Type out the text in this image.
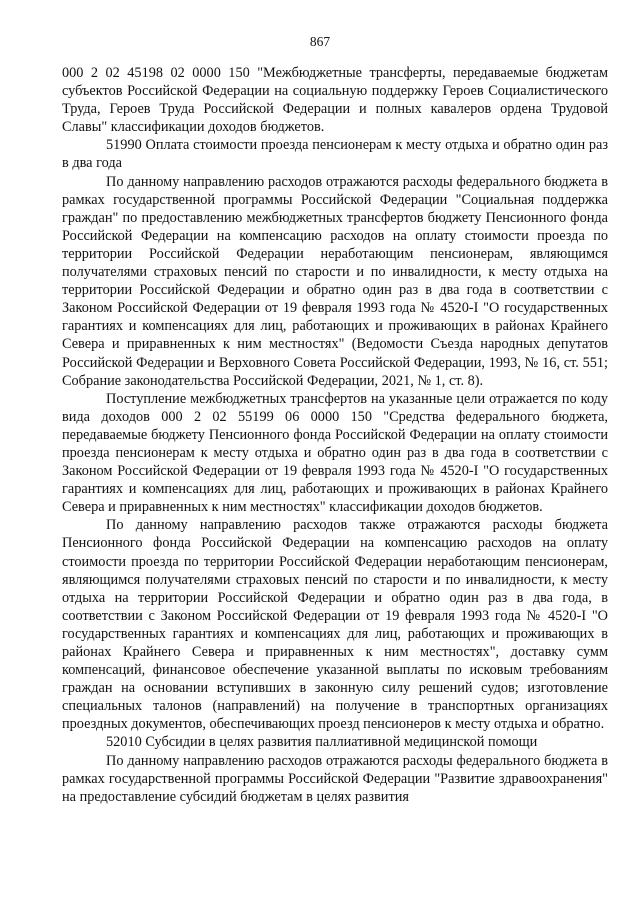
867

000 2 02 45198 02 0000 150 "Межбюджетные трансферты, передаваемые бюджетам субъектов Российской Федерации на социальную поддержку Героев Социалистического Труда, Героев Труда Российской Федерации и полных кавалеров ордена Трудовой Славы" классификации доходов бюджетов.

51990 Оплата стоимости проезда пенсионерам к месту отдыха и обратно один раз в два года

По данному направлению расходов отражаются расходы федерального бюджета в рамках государственной программы Российской Федерации "Социальная поддержка граждан" по предоставлению межбюджетных трансфертов бюджету Пенсионного фонда Российской Федерации на компенсацию расходов на оплату стоимости проезда по территории Российской Федерации неработающим пенсионерам, являющимся получателями страховых пенсий по старости и по инвалидности, к месту отдыха на территории Российской Федерации и обратно один раз в два года в соответствии с Законом Российской Федерации от 19 февраля 1993 года № 4520-I "О государственных гарантиях и компенсациях для лиц, работающих и проживающих в районах Крайнего Севера и приравненных к ним местностях" (Ведомости Съезда народных депутатов Российской Федерации и Верховного Совета Российской Федерации, 1993, № 16, ст. 551; Собрание законодательства Российской Федерации, 2021, № 1, ст. 8).

Поступление межбюджетных трансфертов на указанные цели отражается по коду вида доходов 000 2 02 55199 06 0000 150 "Средства федерального бюджета, передаваемые бюджету Пенсионного фонда Российской Федерации на оплату стоимости проезда пенсионерам к месту отдыха и обратно один раз в два года в соответствии с Законом Российской Федерации от 19 февраля 1993 года № 4520-I "О государственных гарантиях и компенсациях для лиц, работающих и проживающих в районах Крайнего Севера и приравненных к ним местностях" классификации доходов бюджетов.

По данному направлению расходов также отражаются расходы бюджета Пенсионного фонда Российской Федерации на компенсацию расходов на оплату стоимости проезда по территории Российской Федерации неработающим пенсионерам, являющимся получателями страховых пенсий по старости и по инвалидности, к месту отдыха на территории Российской Федерации и обратно один раз в два года, в соответствии с Законом Российской Федерации от 19 февраля 1993 года № 4520-I "О государственных гарантиях и компенсациях для лиц, работающих и проживающих в районах Крайнего Севера и приравненных к ним местностях", доставку сумм компенсаций, финансовое обеспечение указанной выплаты по исковым требованиям граждан на основании вступивших в законную силу решений судов; изготовление специальных талонов (направлений) на получение в транспортных организациях проездных документов, обеспечивающих проезд пенсионеров к месту отдыха и обратно.

52010 Субсидии в целях развития паллиативной медицинской помощи

По данному направлению расходов отражаются расходы федерального бюджета в рамках государственной программы Российской Федерации "Развитие здравоохранения" на предоставление субсидий бюджетам в целях развития
